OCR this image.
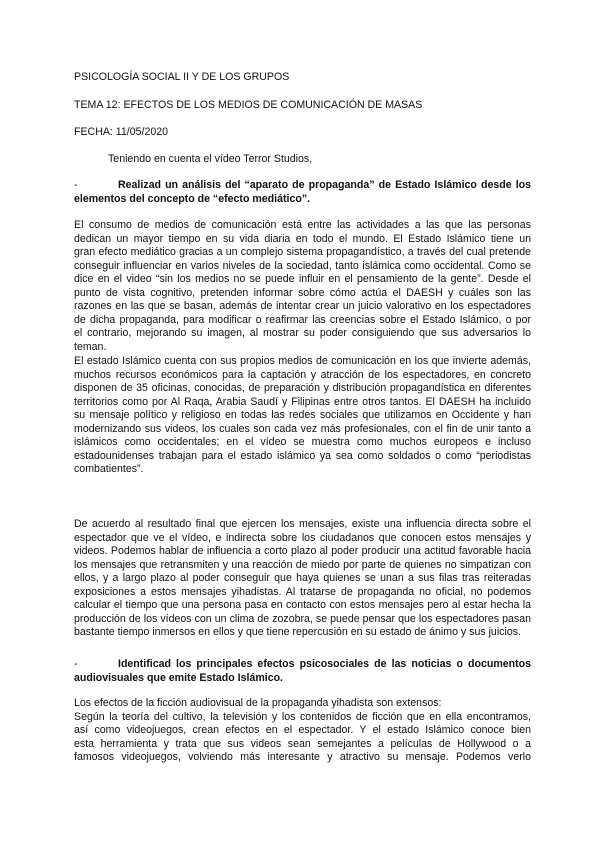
PSICOLOGÍA SOCIAL II Y DE LOS GRUPOS
TEMA 12: EFECTOS DE LOS MEDIOS DE COMUNICACIÓN DE MASAS
FECHA: 11/05/2020
Teniendo en cuenta el vídeo Terror Studios,
-	Realizad un análisis del “aparato de propaganda” de Estado Islámico desde los elementos del concepto de “efecto mediático”.
El consumo de medios de comunicación está entre las actividades a las que las personas
dedican un mayor tiempo en su vida diaria en todo el mundo. El Estado Islámico tiene un
gran efecto mediático gracias a un complejo sistema propagandístico, a través del cual pretende
conseguir influenciar en varios niveles de la sociedad, tanto islámica como occidental. Como se
dice en el video “sin los medios no se puede influir en el pensamiento de la gente”. Desde el
punto de vista cognitivo, pretenden informar sobre cómo actúa el DAESH y cuáles son las
razones en las que se basan, además de intentar crear un juicio valorativo en los espectadores
de dicha propaganda, para modificar o reafirmar las creencias sobre el Estado Islámico, o por
el contrario, mejorando su imagen, al mostrar su poder consiguiendo que sus adversarios lo
teman.
El estado Islámico cuenta con sus propios medios de comunicación en los que invierte además,
muchos recursos económicos para la captación y atracción de los espectadores, en concreto
disponen de 35 oficinas, conocidas, de preparación y distribución propagandística en diferentes
territorios como por Al Raqa, Arabia Saudí y Filipinas entre otros tantos. El DAESH ha incluido
su mensaje político y religioso en todas las redes sociales que utilizamos en Occidente y han
modernizando sus videos, los cuales son cada vez más profesionales, con el fin de unir tanto a
islámicos como occidentales; en el vídeo se muestra como muchos europeos e incluso
estadounidenses trabajan para el estado islámico ya sea como soldados o como “periodistas
combatientes”.
De acuerdo al resultado final que ejercen los mensajes, existe una influencia directa sobre el
espectador que ve el vídeo, e indirecta sobre los ciudadanos que conocen estos mensajes y
videos. Podemos hablar de influencia a corto plazo al poder producir una actitud favorable hacia
los mensajes que retransmiten y una reacción de miedo por parte de quienes no simpatizan con
ellos, y a largo plazo al poder conseguir que haya quienes se unan a sus filas tras reiteradas
exposiciones a estos mensajes yihadistas. Al tratarse de propaganda no oficial, no podemos
calcular el tiempo que una persona pasa en contacto con estos mensajes pero al estar hecha la
producción de los vídeos con un clima de zozobra, se puede pensar que los espectadores pasan
bastante tiempo inmersos en ellos y que tiene repercusión en su estado de ánimo y sus juicios.
-	Identificad los principales efectos psicosociales de las noticias o documentos audiovisuales que emite Estado Islámico.
Los efectos de la ficción audiovisual de la propaganda yihadista son extensos:
Según la teoría del cultivo, la televisión y los contenidos de ficción que en ella encontramos,
así como videojuegos, crean efectos en el espectador. Y el estado Islámico conoce bien
esta herramienta y trata que sus videos sean semejantes a películas de Hollywood o a
famosos videojuegos, volviendo más interesante y atractivo su mensaje. Podemos verlo
